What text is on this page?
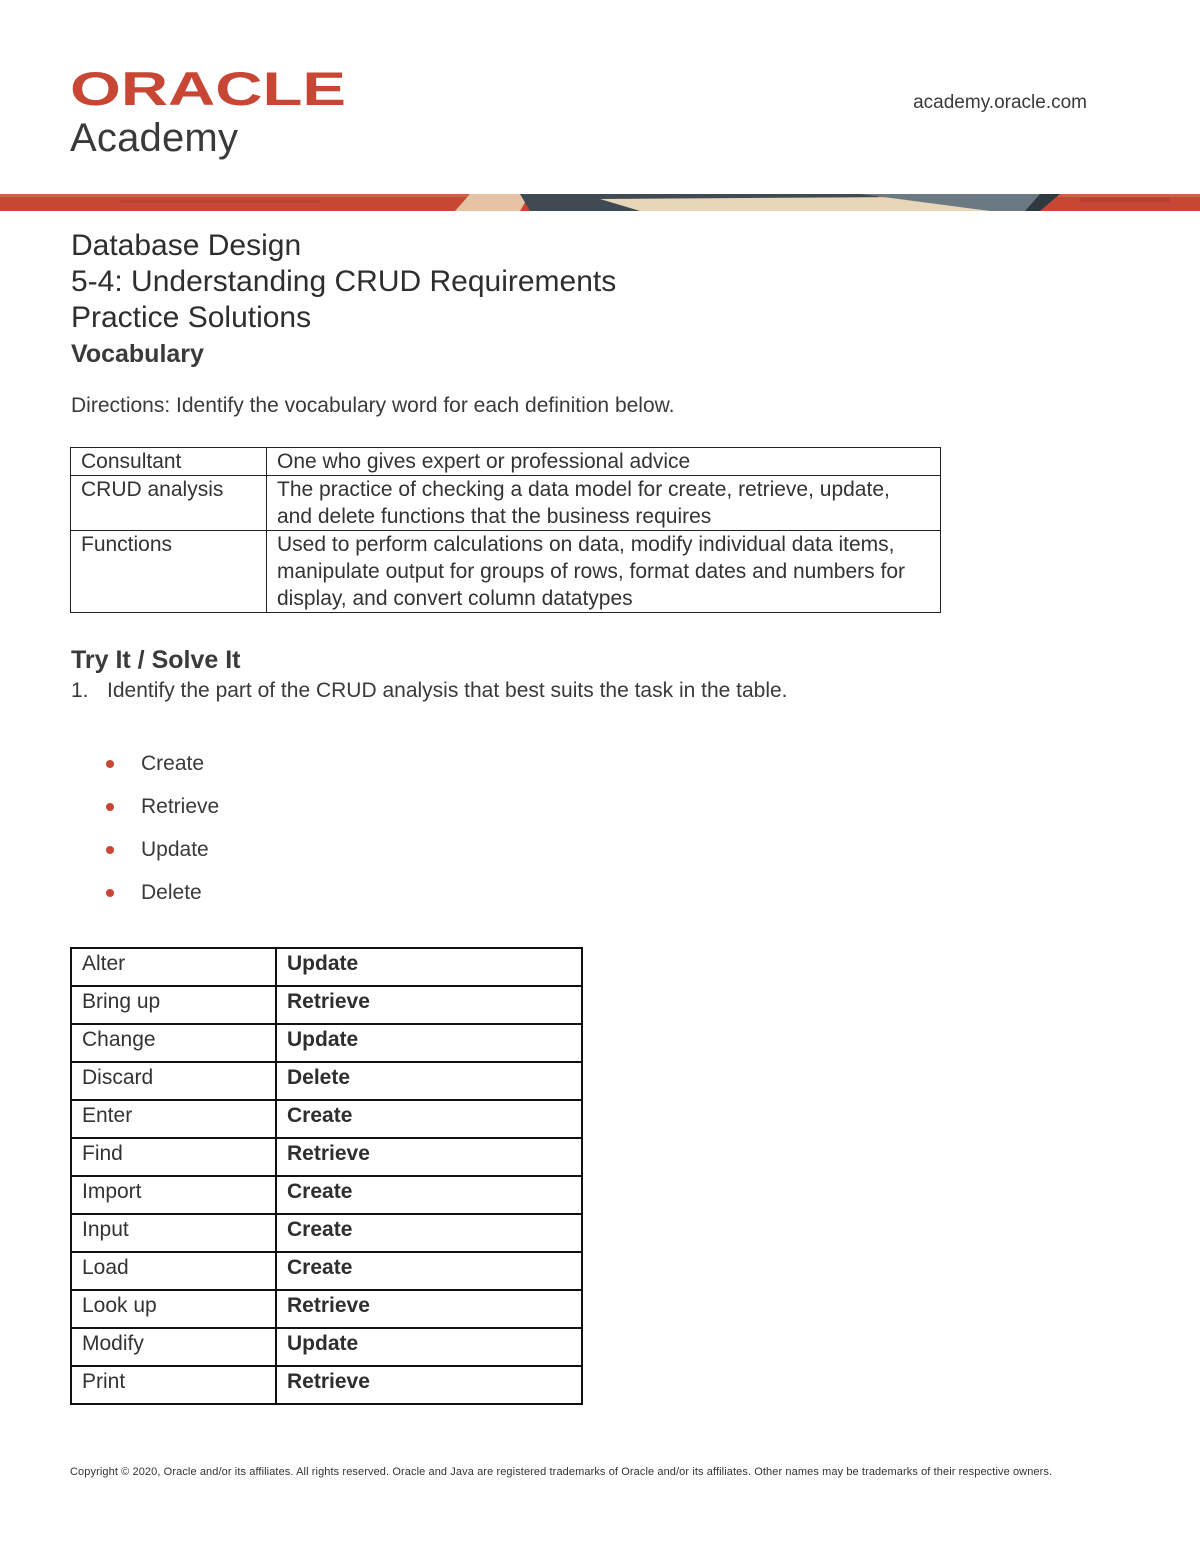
ORACLE
Academy
academy.oracle.com
Database Design
5-4: Understanding CRUD Requirements
Practice Solutions
Vocabulary
Directions: Identify the vocabulary word for each definition below.
Consultant	One who gives expert or professional advice
CRUD analysis	The practice of checking a data model for create, retrieve, update, and delete functions that the business requires
Functions	Used to perform calculations on data, modify individual data items, manipulate output for groups of rows, format dates and numbers for display, and convert column datatypes
Try It / Solve It
1. Identify the part of the CRUD analysis that best suits the task in the table.
Create
Retrieve
Update
Delete
Alter	Update
Bring up	Retrieve
Change	Update
Discard	Delete
Enter	Create
Find	Retrieve
Import	Create
Input	Create
Load	Create
Look up	Retrieve
Modify	Update
Print	Retrieve
Copyright © 2020, Oracle and/or its affiliates. All rights reserved. Oracle and Java are registered trademarks of Oracle and/or its affiliates. Other names may be trademarks of their respective owners.
